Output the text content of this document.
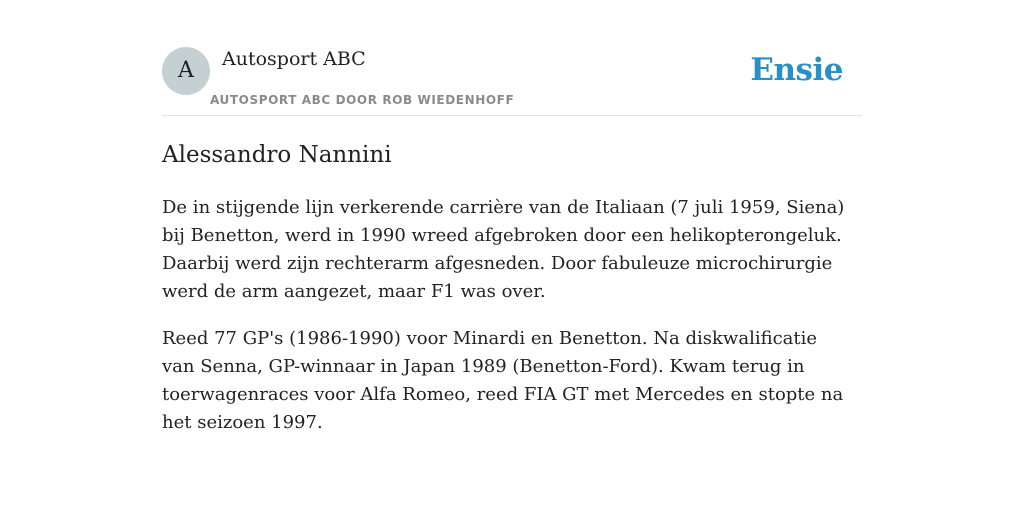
A	Autosport ABC
AUTOSPORT ABC DOOR ROB WIEDENHOFF
Ensie
Alessandro Nannini

De in stijgende lijn verkerende carrière van de Italiaan (7 juli 1959, Siena) bij Benetton, werd in 1990 wreed afgebroken door een helikopterongeluk. Daarbij werd zijn rechterarm afgesneden. Door fabuleuze microchirurgie werd de arm aangezet, maar F1 was over.

Reed 77 GP's (1986-1990) voor Minardi en Benetton. Na diskwalificatie van Senna, GP-winnaar in Japan 1989 (Benetton-Ford). Kwam terug in toerwagenraces voor Alfa Romeo, reed FIA GT met Mercedes en stopte na het seizoen 1997.
